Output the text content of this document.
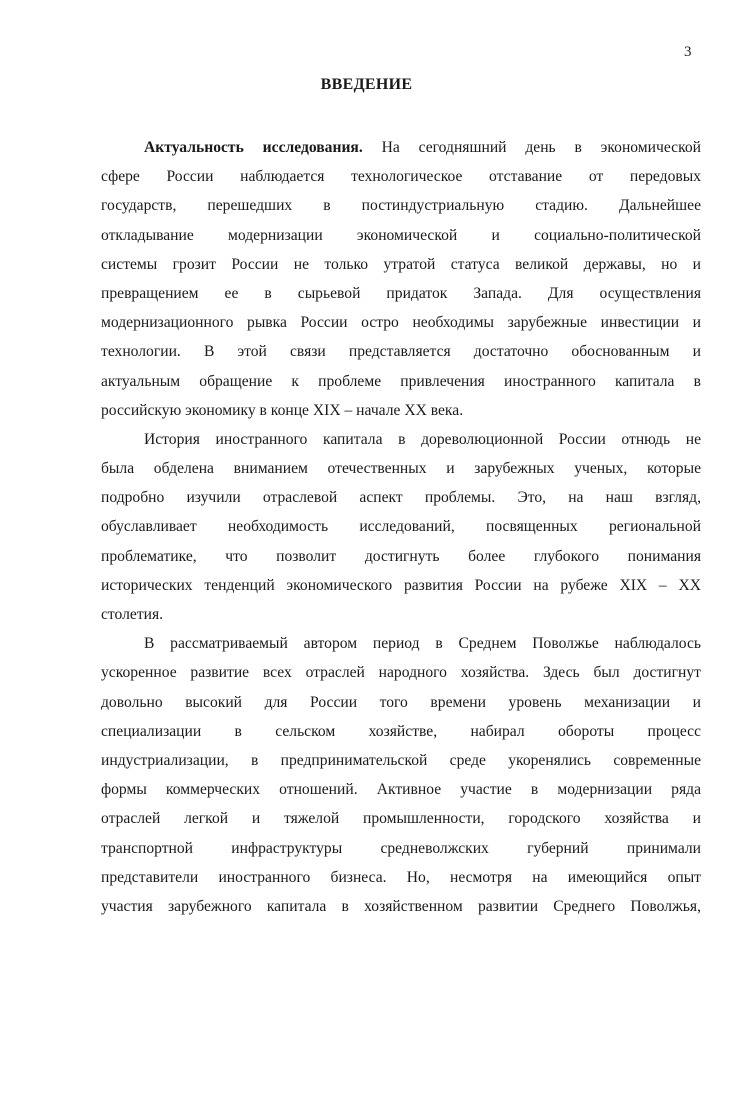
3
ВВЕДЕНИЕ
Актуальность исследования. На сегодняшний день в экономической
сфере России наблюдается технологическое отставание от передовых
государств, перешедших в постиндустриальную стадию. Дальнейшее
откладывание модернизации экономической и социально-политической
системы грозит России не только утратой статуса великой державы, но и
превращением ее в сырьевой придаток Запада. Для осуществления
модернизационного рывка России остро необходимы зарубежные инвестиции и
технологии. В этой связи представляется достаточно обоснованным и
актуальным обращение к проблеме привлечения иностранного капитала в
российскую экономику в конце XIX – начале XX века.
История иностранного капитала в дореволюционной России отнюдь не
была обделена вниманием отечественных и зарубежных ученых, которые
подробно изучили отраслевой аспект проблемы. Это, на наш взгляд,
обуславливает необходимость исследований, посвященных региональной
проблематике, что позволит достигнуть более глубокого понимания
исторических тенденций экономического развития России на рубеже XIX – XX
столетия.
В рассматриваемый автором период в Среднем Поволжье наблюдалось
ускоренное развитие всех отраслей народного хозяйства. Здесь был достигнут
довольно высокий для России того времени уровень механизации и
специализации в сельском хозяйстве, набирал обороты процесс
индустриализации, в предпринимательской среде укоренялись современные
формы коммерческих отношений. Активное участие в модернизации ряда
отраслей легкой и тяжелой промышленности, городского хозяйства и
транспортной инфраструктуры средневолжских губерний принимали
представители иностранного бизнеса. Но, несмотря на имеющийся опыт
участия зарубежного капитала в хозяйственном развитии Среднего Поволжья,
